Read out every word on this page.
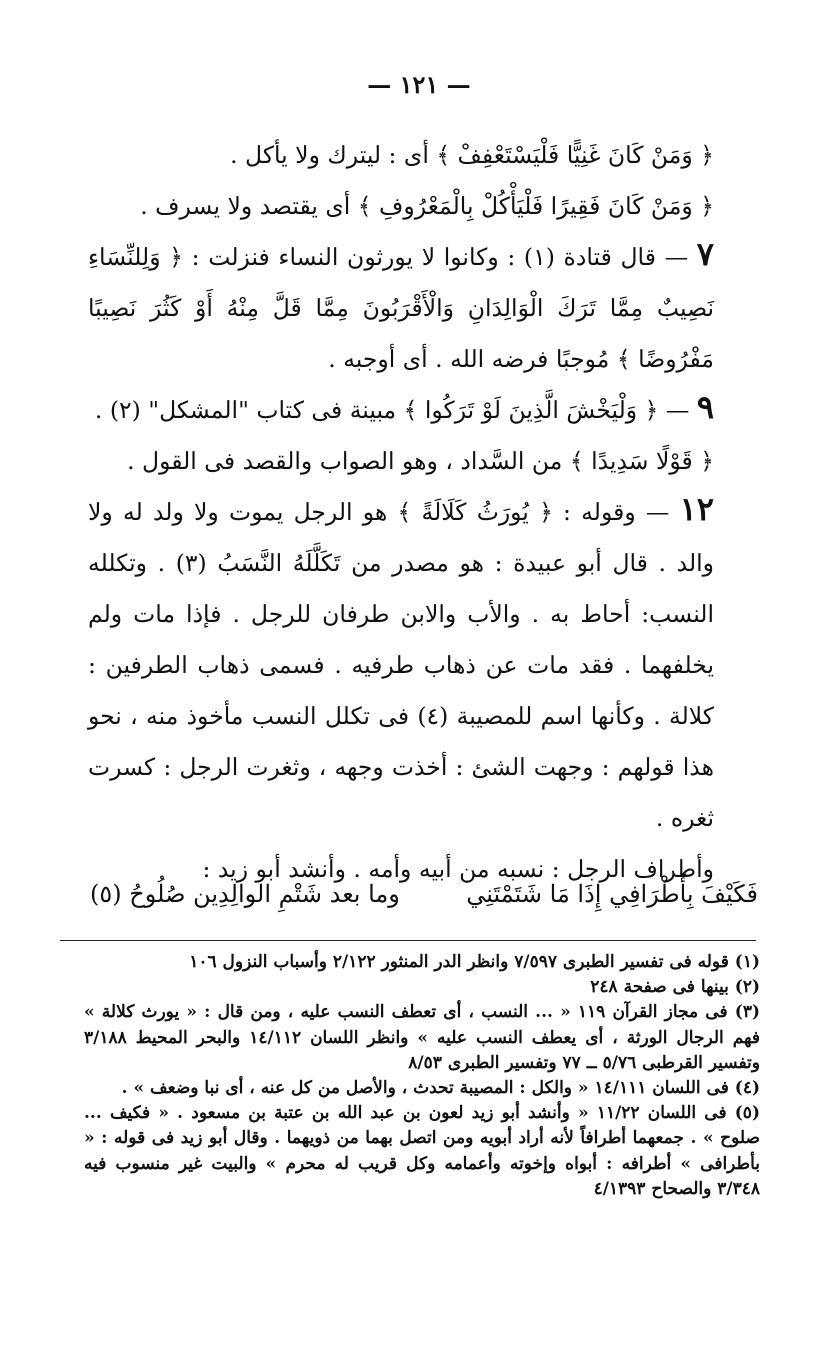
— ١٢١ —

﴿ وَمَنْ كَانَ غَنِيًّا فَلْيَسْتَعْفِفْ ﴾ أى : ليترك ولا يأكل .

﴿ وَمَنْ كَانَ فَقِيرًا فَلْيَأْكُلْ بِالْمَعْرُوفِ ﴾ أى يقتصد ولا يسرف .

٧ — قال قتادة (١) : وكانوا لا يورثون النساء فنزلت : ﴿ وَلِلنِّسَاءِ نَصِيبٌ مِمَّا تَرَكَ الْوَالِدَانِ وَالْأَقْرَبُونَ مِمَّا قَلَّ مِنْهُ أَوْ كَثُرَ نَصِيبًا مَفْرُوضًا ﴾ مُوجبًا فرضه الله . أى أوجبه .

٩ — ﴿ وَلْيَخْشَ الَّذِينَ لَوْ تَرَكُوا ﴾ مبينة فى كتاب "المشكل" (٢) .

﴿ قَوْلًا سَدِيدًا ﴾ من السَّداد ، وهو الصواب والقصد فى القول .

١٢ — وقوله : ﴿ يُورَثُ كَلَالَةً ﴾ هو الرجل يموت ولا ولد له ولا والد . قال أبو عبيدة : هو مصدر من تَكَلَّلَهُ النَّسَبُ (٣) . وتكلله النسب: أحاط به . والأب والابن طرفان للرجل . فإذا مات ولم يخلفهما . فقد مات عن ذهاب طرفيه . فسمى ذهاب الطرفين : كلالة . وكأنها اسم للمصيبة (٤) فى تكلل النسب مأخوذ منه ، نحو هذا قولهم : وجهت الشئ : أخذت وجهه ، وثغرت الرجل : كسرت ثغره .

وأطراف الرجل : نسبه من أبيه وأمه . وأنشد أبو زيد :

فَكَيْفَ بِأَطْرَافِي إِذَا مَا شَتَمْتَنِي
وما بعد شَتْمِ الوالِدِين صُلُوحُ (٥)

(١) قوله فى تفسير الطبرى ٧/٥٩٧ وانظر الدر المنثور ٢/١٢٢ وأسباب النزول ١٠٦

(٢) بينها فى صفحة ٢٤٨

(٣) فى مجاز القرآن ١١٩ « ... النسب ، أى تعطف النسب عليه ، ومن قال : « يورث كلالة » فهم الرجال الورثة ، أى يعطف النسب عليه » وانظر اللسان ١٤/١١٢ والبحر المحيط ٣/١٨٨ وتفسير القرطبى ٥/٧٦ ــ ٧٧ وتفسير الطبرى ٨/٥٣

(٤) فى اللسان ١٤/١١١ « والكل : المصيبة تحدث ، والأصل من كل عنه ، أى نبا وضعف » .

(٥) فى اللسان ١١/٢٢ « وأنشد أبو زيد لعون بن عبد الله بن عتبة بن مسعود . « فكيف ... صلوح » . جمعهما أطرافاً لأنه أراد أبويه ومن اتصل بهما من ذويهما . وقال أبو زيد فى قوله : « بأطرافى » أطرافه : أبواه وإخوته وأعمامه وكل قريب له محرم » والبيت غير منسوب فيه ٣/٣٤٨ والصحاح ٤/١٣٩٣
